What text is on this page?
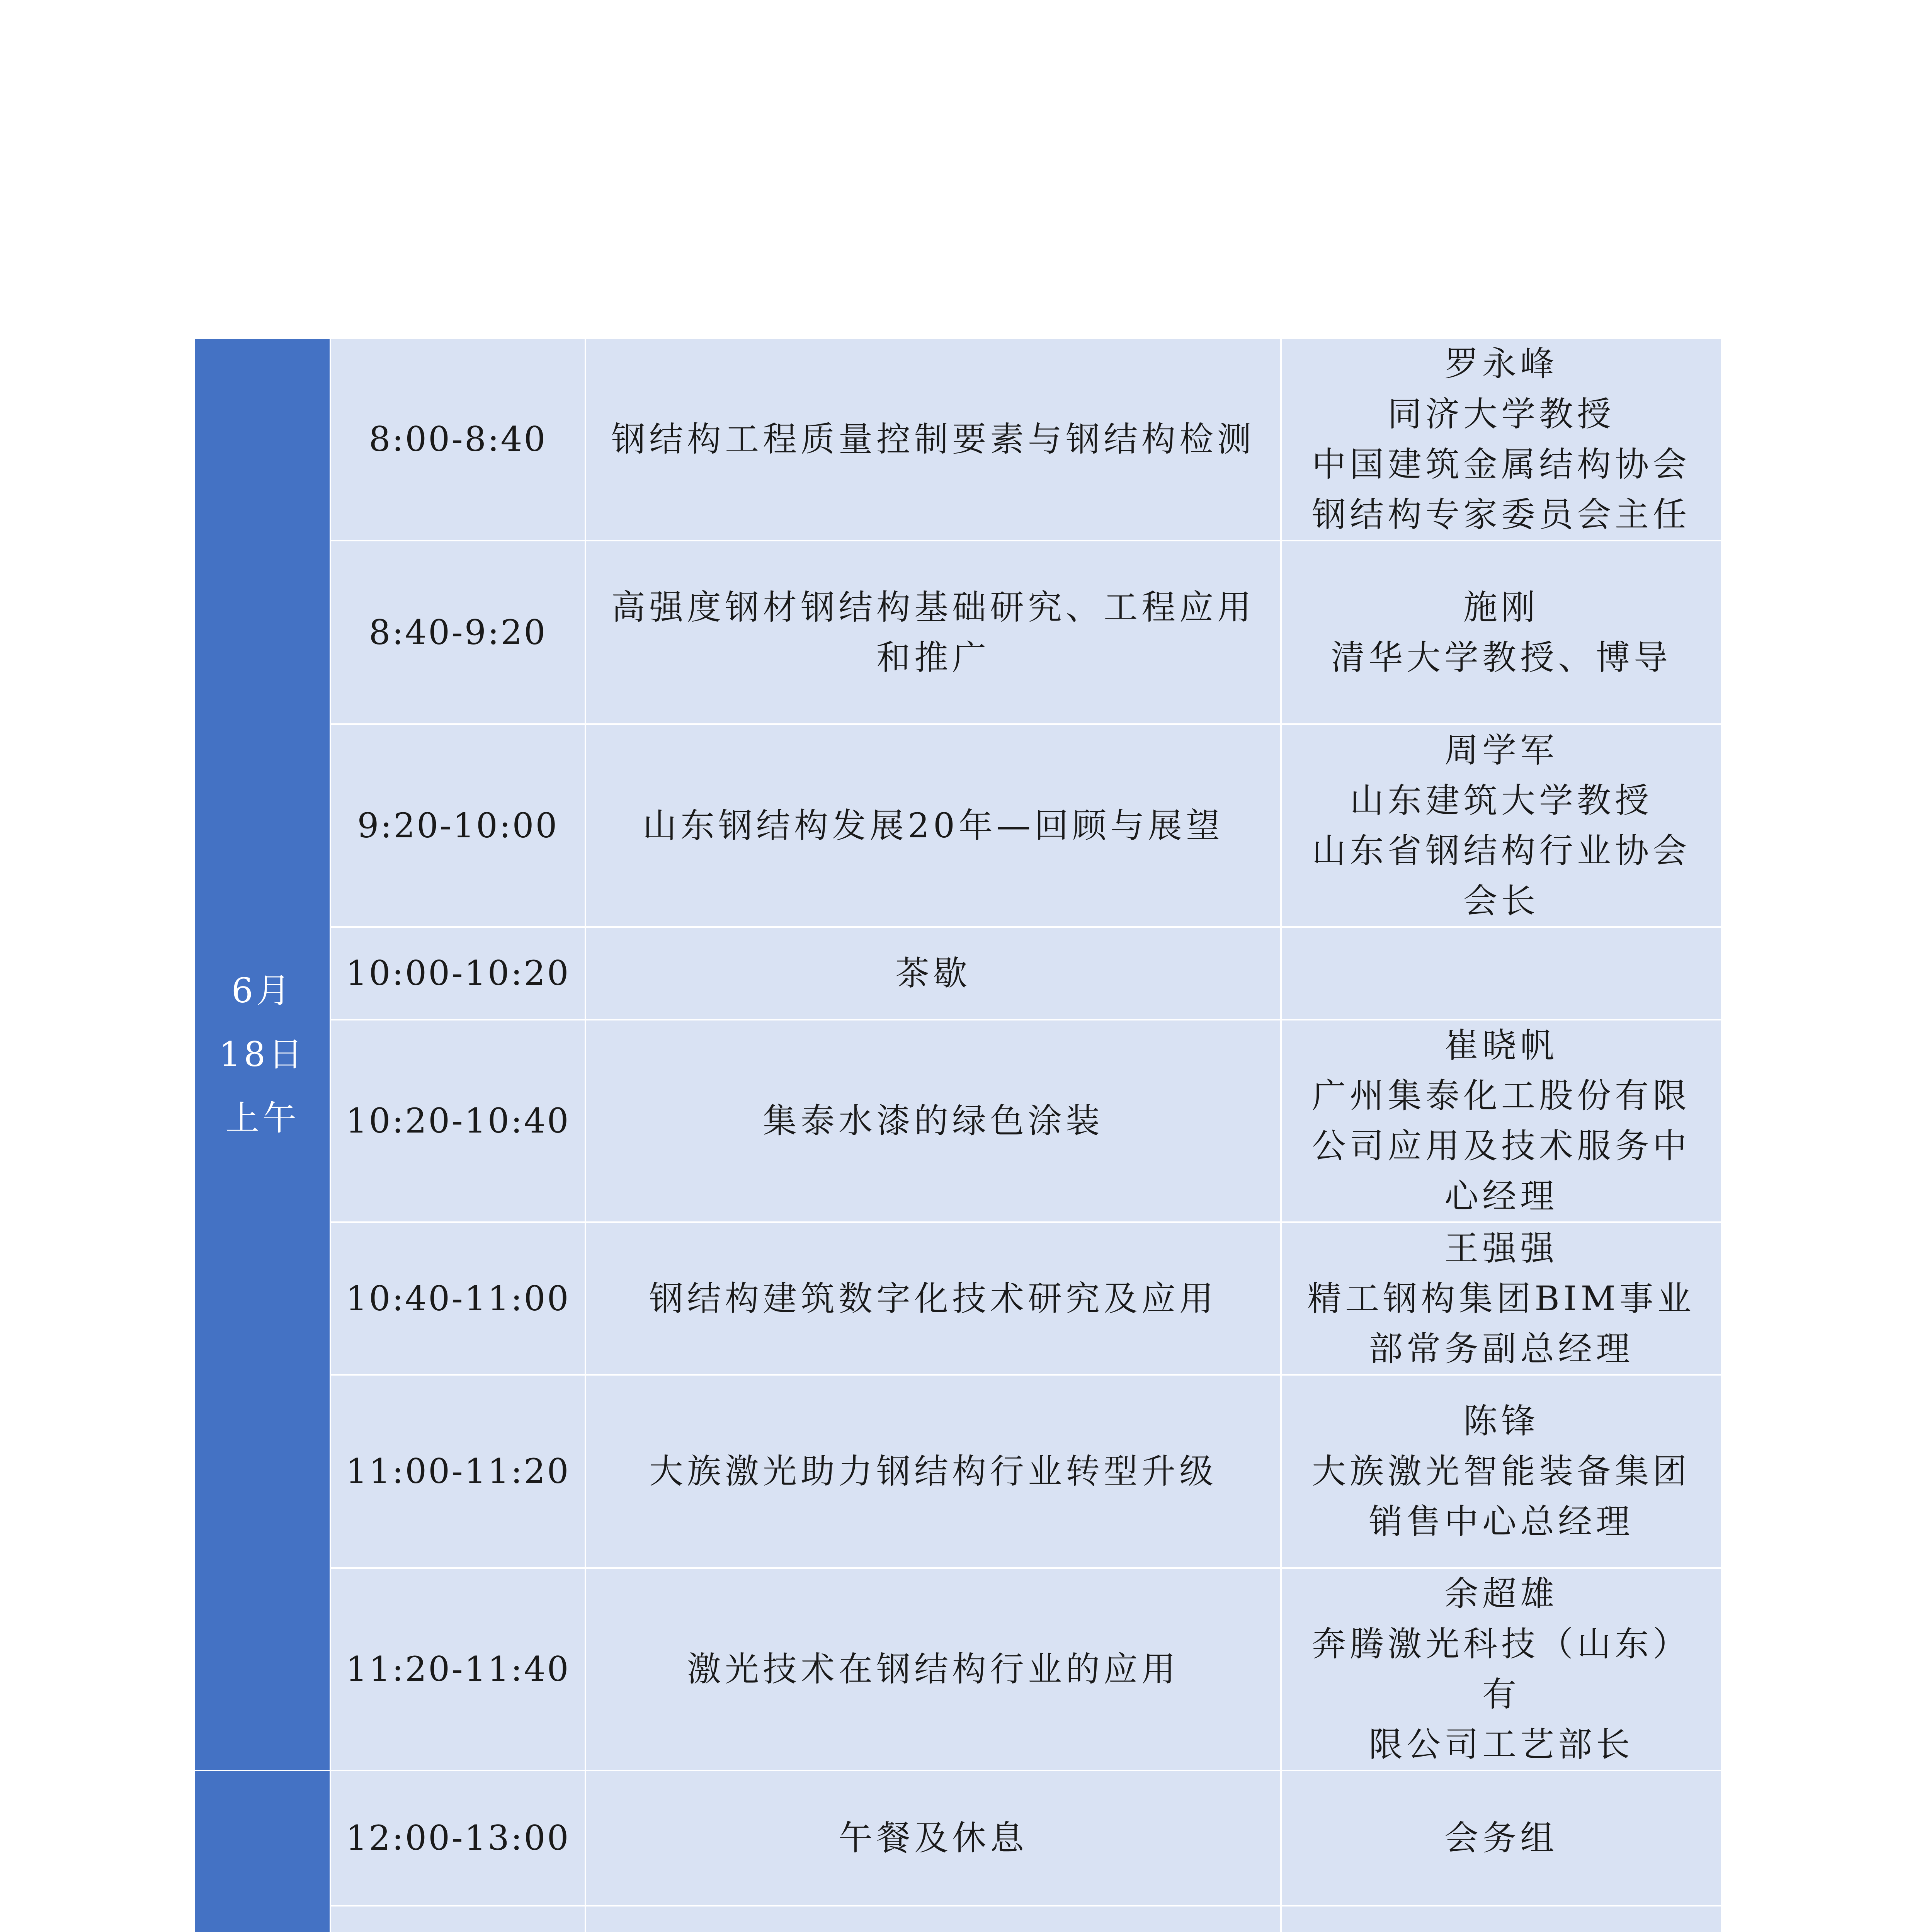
6月
18日
上午	8:00-8:40	钢结构工程质量控制要素与钢结构检测	罗永峰
同济大学教授
中国建筑金属结构协会
钢结构专家委员会主任

	8:40-9:20	高强度钢材钢结构基础研究、工程应用
和推广	施刚
清华大学教授、博导

	9:20-10:00	山东钢结构发展20年—回顾与展望	周学军
山东建筑大学教授
山东省钢结构行业协会
会长

	10:00-10:20	茶歇	

	10:20-10:40	集泰水漆的绿色涂装	崔晓帆
广州集泰化工股份有限
公司应用及技术服务中
心经理

	10:40-11:00	钢结构建筑数字化技术研究及应用	王强强
精工钢构集团BIM事业
部常务副总经理

	11:00-11:20	大族激光助力钢结构行业转型升级	陈锋
大族激光智能装备集团
销售中心总经理

	11:20-11:40	激光技术在钢结构行业的应用	余超雄
奔腾激光科技（山东）有
限公司工艺部长

	12:00-13:00	午餐及休息	会务组
